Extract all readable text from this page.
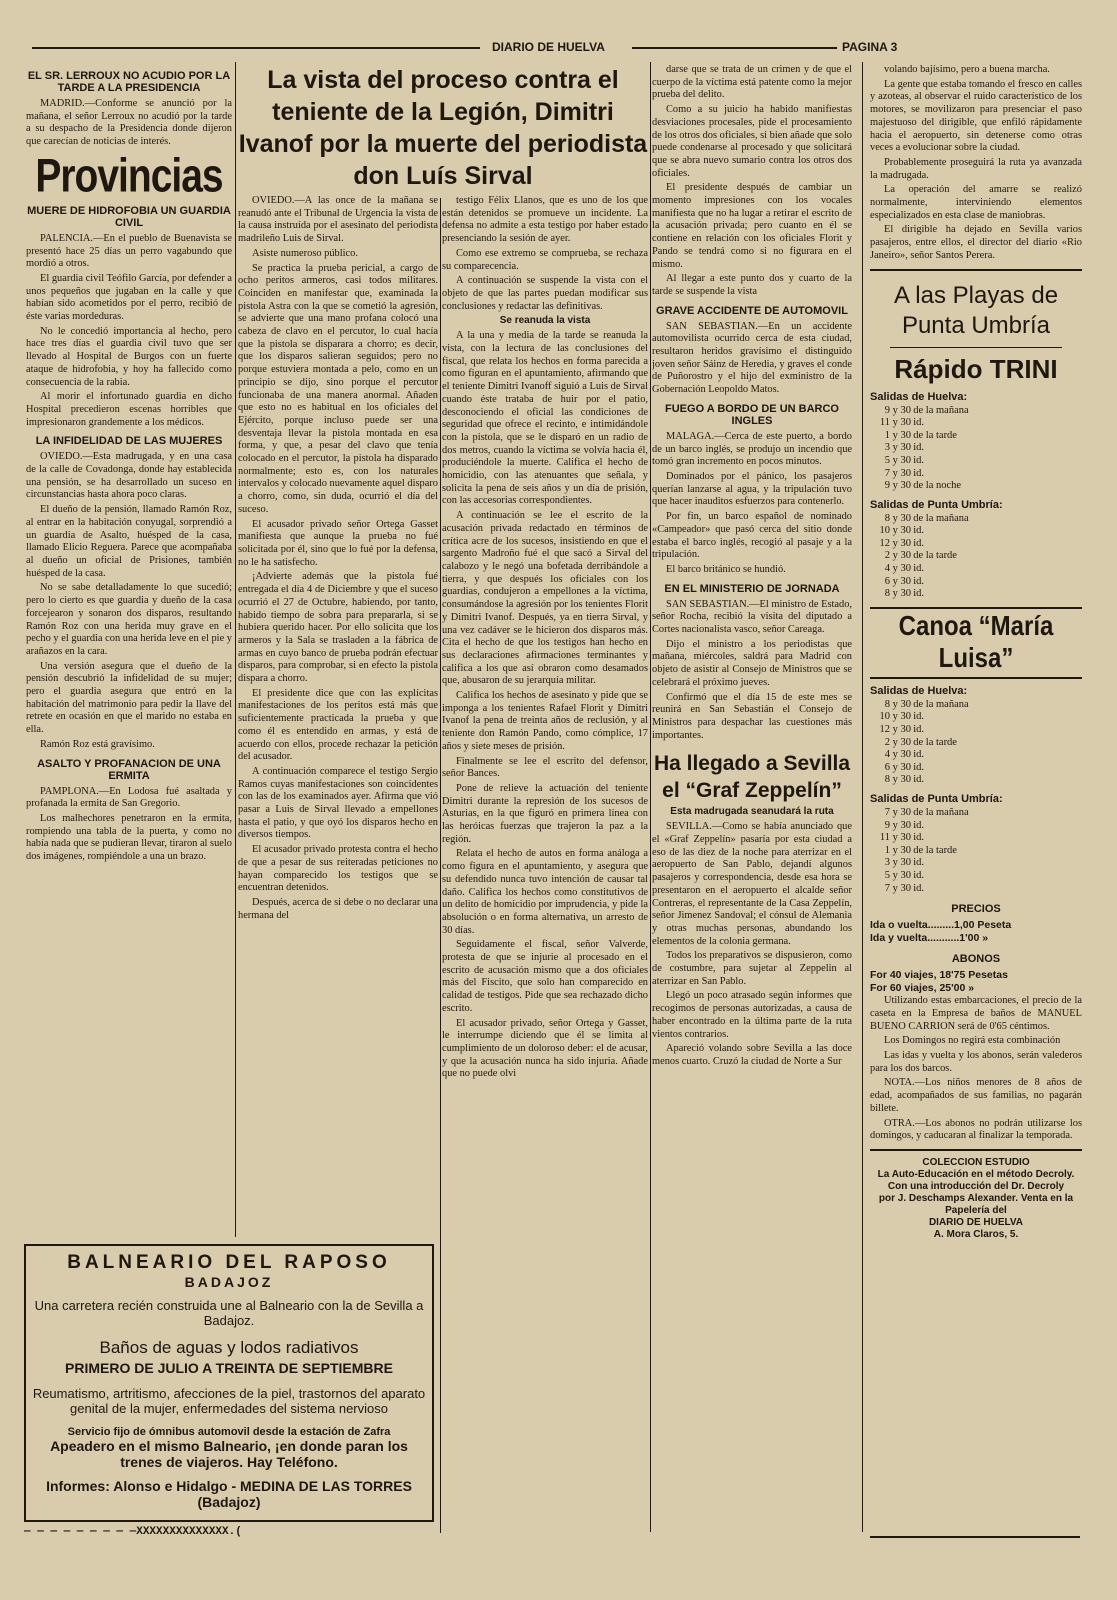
DIARIO DE HUELVA	PAGINA 3
EL SR. LERROUX NO ACUDIO POR LA TARDE A LA PRESIDENCIA

MADRID.—Conforme se anunció por la mañana, el señor Lerroux no acudió por la tarde a su despacho de la Presidencia donde dijeron que carecían de noticias de interés.

Provincias
MUERE DE HIDROFOBIA UN GUARDIA CIVIL

PALENCIA.—En el pueblo de Buenavista se presentó hace 25 días un perro vagabundo que mordió a otros.

El guardia civil Teófilo García, por defender a unos pequeños que jugaban en la calle y que habían sido acometidos por el perro, recibió de éste varias mordeduras.

No le concedió importancia al hecho, pero hace tres días el guardia civil tuvo que ser llevado al Hospital de Burgos con un fuerte ataque de hidrofobia, y hoy ha fallecido como consecuencia de la rabia.

Al morir el infortunado guardia en dicho Hospital precedieron escenas horribles que impresionaron grandemente a los médicos.

LA INFIDELIDAD DE LAS MUJERES

OVIEDO.—Esta madrugada, y en una casa de la calle de Covadonga, donde hay establecida una pensión, se ha desarrollado un suceso en circunstancias hasta ahora poco claras.

El dueño de la pensión, llamado Ramón Roz, al entrar en la habitación conyugal, sorprendió a un guardia de Asalto, huésped de la casa, llamado Elicio Reguera. Parece que acompañaba al dueño un oficial de Prisiones, también huésped de la casa.

No se sabe detalladamente lo que sucedió; pero lo cierto es que guardia y dueño de la casa forcejearon y sonaron dos disparos, resultando Ramón Roz con una herida muy grave en el pecho y el guardia con una herida leve en el pie y arañazos en la cara.

Una versión asegura que el dueño de la pensión descubrió la infidelidad de su mujer; pero el guardia asegura que entró en la habitación del matrimonio para pedir la llave del retrete en ocasión en que el marido no estaba en ella.

Ramón Roz está gravísimo.

ASALTO Y PROFANACION DE UNA ERMITA

PAMPLONA.—En Lodosa fué asaltada y profanada la ermita de San Gregorio.

Los malhechores penetraron en la ermita, rompiendo una tabla de la puerta, y como no había nada que se pudieran llevar, tiraron al suelo dos imágenes, rompiéndole a una un brazo.

La vista del proceso contra el teniente de la Legión, Dimitri Ivanof por la muerte del periodista don Luís Sirval

OVIEDO.—A las once de la mañana se reanudó ante el Tribunal de Urgencia la vista de la causa instruída por el asesinato del periodista madrileño Luis de Sirval.

Asiste numeroso público.

Se practica la prueba pericial, a cargo de ocho peritos armeros, casi todos militares. Coinciden en manifestar que, examinada la pistola Astra con la que se cometió la agresión, se advierte que una mano profana colocó una cabeza de clavo en el percutor, lo cual hacía que la pistola se disparara a chorro; es decir, que los disparos salieran seguidos; pero no porque estuviera montada a pelo, como en un principio se dijo, sino porque el percutor funcionaba de una manera anormal. Añaden que esto no es habitual en los oficiales del Ejército, porque incluso puede ser una desventaja llevar la pistola montada en esa forma, y que, a pesar del clavo que tenía colocado en el percutor, la pistola ha disparado normalmente; esto es, con los naturales intervalos y colocado nuevamente aquel disparo a chorro, como, sin duda, ocurrió el día del suceso.

El acusador privado señor Ortega Gasset manifiesta que aunque la prueba no fué solicitada por él, sino que lo fué por la defensa, no le ha satisfecho.

¡Advierte además que la pistola fué entregada el día 4 de Diciembre y que el suceso ocurrió el 27 de Octubre, habiendo, por tanto, habido tiempo de sobra para prepararla, si se hubiera querido hacer. Por ello solicita que los armeros y la Sala se trasladen a la fábrica de armas en cuyo banco de prueba podrán efectuar disparos, para comprobar, si en efecto la pistola dispara a chorro.

El presidente dice que con las explícitas manifestaciones de los peritos está más que suficientemente practicada la prueba y que como él es entendido en armas, y está de acuerdo con ellos, procede rechazar la petición del acusador.

A continuación comparece el testigo Sergio Ramos cuyas manifestaciones son coincidentes con las de los examinados ayer. Afirma que vió pasar a Luis de Sirval llevado a empellones hasta el patio, y que oyó los disparos hecho en diversos tiempos.

El acusador privado protesta contra el hecho de que a pesar de sus reiteradas peticiones no hayan comparecido los testigos que se encuentran detenidos.

Después, acerca de si debe o no declarar una hermana del

testigo Félix Llanos, que es uno de los que están detenidos se promueve un incidente. La defensa no admite a esta testigo por haber estado presenciando la sesión de ayer.

Como ese extremo se comprueba, se rechaza su comparecencia.

A continuación se suspende la vista con el objeto de que las partes puedan modificar sus conclusiones y redactar las definitivas.

Se reanuda la vista

A la una y media de la tarde se reanuda la vista, con la lectura de las conclusiones del fiscal, que relata los hechos en forma parecida a como figuran en el apuntamiento, afirmando que el teniente Dimitri Ivanoff siguió a Luis de Sirval cuando éste trataba de huir por el patio, desconociendo el oficial las condiciones de seguridad que ofrece el recinto, e intimidándole con la pistola, que se le disparó en un radio de dos metros, cuando la víctima se volvía hacia él, produciéndole la muerte. Califica el hecho de homicidio, con las atenuantes que señala, y solicita la pena de seis años y un día de prisión, con las accesorias correspondientes.

A continuación se lee el escrito de la acusación privada redactado en términos de crítica acre de los sucesos, insistiendo en que el sargento Madroño fué el que sacó a Sirval del calabozo y le negó una bofetada derribándole a tierra, y que después los oficiales con los guardias, condujeron a empellones a la víctima, consumándose la agresión por los tenientes Florit y Dimitri Ivanof. Después, ya en tierra Sirval, y una vez cadáver se le hicieron dos disparos más. Cita el hecho de que los testigos han hecho en sus declaraciones afirmaciones terminantes y califica a los que así obraron como desamados que, abusaron de su jerarquía militar.

Califica los hechos de asesinato y pide que se imponga a los tenientes Rafael Florit y Dimitri Ivanof la pena de treinta años de reclusión, y al teniente don Ramón Pando, como cómplice, 17 años y siete meses de prisión.

Finalmente se lee el escrito del defensor, señor Bances.

Pone de relieve la actuación del teniente Dimitri durante la represión de los sucesos de Asturias, en la que figuró en primera línea con las heróicas fuerzas que trajeron la paz a la región.

Relata el hecho de autos en forma análoga a como figura en el apuntamiento, y asegura que su defendido nunca tuvo intención de causar tal daño. Califica los hechos como constitutivos de un delito de homicidio por imprudencia, y pide la absolución o en forma alternativa, un arresto de 30 días.

Seguidamente el fiscal, señor Valverde, protesta de que se injurie al procesado en el escrito de acusación mismo que a dos oficiales más del Fiscito, que solo han comparecido en calidad de testigos. Pide que sea rechazado dicho escrito.

El acusador privado, señor Ortega y Gasset, le interrumpe diciendo que él se limita al cumplimiento de un doloroso deber: el de acusar, y que la acusación nunca ha sido injuria. Añade que no puede olvi

darse que se trata de un crimen y de que el cuerpo de la víctima está patente como la mejor prueba del delito.

Como a su juicio ha habido manifiestas desviaciones procesales, pide el procesamiento de los otros dos oficiales, si bien añade que solo puede condenarse al procesado y que solicitará que se abra nuevo sumario contra los otros dos oficiales.

El presidente después de cambiar un momento impresiones con los vocales manifiesta que no ha lugar a retirar el escrito de la acusación privada; pero cuanto en él se contiene en relación con los oficiales Florit y Pando se tendrá como si no figurara en el mismo.

Al llegar a este punto dos y cuarto de la tarde se suspende la vista

GRAVE ACCIDENTE DE AUTOMOVIL

SAN SEBASTIAN.—En un accidente automovilista ocurrido cerca de esta ciudad, resultaron heridos gravísimo el distinguido joven señor Sáinz de Heredia, y graves el conde de Puñorostro y el hijo del exministro de la Gobernación Leopoldo Matos.

FUEGO A BORDO DE UN BARCO INGLES

MALAGA.—Cerca de este puerto, a bordo de un barco inglés, se produjo un incendio que tomó gran incremento en pocos minutos.

Dominados por el pánico, los pasajeros querían lanzarse al agua, y la tripulación tuvo que hacer inauditos esfuerzos para contenerlo.

Por fin, un barco español de nominado «Campeador» que pasó cerca del sitio donde estaba el barco inglés, recogió al pasaje y a la tripulación.

El barco británico se hundió.

EN EL MINISTERIO DE JORNADA

SAN SEBASTIAN.—El ministro de Estado, señor Rocha, recibió la visita del diputado a Cortes nacionalista vasco, señor Careaga.

Dijo el ministro a los periodistas que mañana, miércoles, saldrá para Madrid con objeto de asistir al Consejo de Ministros que se celebrará el próximo jueves.

Confirmó que el día 15 de este mes se reunirá en San Sebastián el Consejo de Ministros para despachar las cuestiones más importantes.

Ha llegado a Sevilla el “Graf Zeppelín”
Esta madrugada seanudará la ruta

SEVILLA.—Como se había anunciado que el «Graf Zeppelín» pasaría por esta ciudad a eso de las diez de la noche para aterrizar en el aeropuerto de San Pablo, dejandí algunos pasajeros y correspondencia, desde esa hora se presentaron en el aeropuerto el alcalde señor Contreras, el representante de la Casa Zeppelín, señor Jimenez Sandoval; el cónsul de Alemania y otras muchas personas, abundando los elementos de la colonia germana.

Todos los preparativos se dispusieron, como de costumbre, para sujetar al Zeppelin al aterrizar en San Pablo.

Llegó un poco atrasado según informes que recogimos de personas autorizadas, a causa de haber encontrado en la última parte de la ruta vientos contrarios.

Apareció volando sobre Sevilla a las doce menos cuarto. Cruzó la ciudad de Norte a Sur

volando bajísimo, pero a buena marcha.

La gente que estaba tomando el fresco en calles y azoteas, al observar el ruido característico de los motores, se movilizaron para presenciar el paso majestuoso del dirigible, que enfiló rápidamente hacia el aeropuerto, sin detenerse como otras veces a evolucionar sobre la ciudad.

Probablemente proseguirá la ruta ya avanzada la madrugada.

La operación del amarre se realizó normalmente, interviniendo elementos especializados en esta clase de maniobras.

El dirigible ha dejado en Sevilla varios pasajeros, entre ellos, el director del diario «Rio Janeiro», señor Santos Perera.

A las Playas de Punta Umbría
Rápido TRINI
Salidas de Huelva:
9 y 30 de la mañana
11 y 30 id.
1 y 30 de la tarde
3 y 30 id.
5 y 30 id.
7 y 30 id.
9 y 30 de la noche
Salidas de Punta Umbría:
8 y 30 de la mañana
10 y 30 id.
12 y 30 id.
2 y 30 de la tarde
4 y 30 id.
6 y 30 id.
8 y 30 id.
Canoa “María Luisa”
Salidas de Huelva:
8 y 30 de la mañana
10 y 30 id.
12 y 30 id.
2 y 30 de la tarde
4 y 30 id.
6 y 30 id.
8 y 30 id.
Salidas de Punta Umbría:
7 y 30 de la mañana
9 y 30 id.
11 y 30 id.
1 y 30 de la tarde
3 y 30 id.
5 y 30 id.
7 y 30 id.
PRECIOS
Ida o vuelta.........1,00 Peseta
Ida y vuelta...........1'00 »
ABONOS
For 40 viajes, 18'75 Pesetas
For 60 viajes, 25'00 »

Utilizando estas embarcaciones, el precio de la caseta en la Empresa de baños de MANUEL BUENO CARRION será de 0'65 céntimos.

Los Domingos no regirá esta combinación

Las idas y vuelta y los abonos, serán valederos para los dos barcos.

NOTA.—Los niños menores de 8 años de edad, acompañados de sus familias, no pagarán billete.

OTRA.—Los abonos no podrán utilizarse los domingos, y caducaran al finalizar la temporada.

COLECCION ESTUDIO
La Auto-Educación en el método Decroly. Con una introducción del Dr. Decroly
por J. Deschamps Alexander. Venta en la Papelería del
DIARIO DE HUELVA
A. Mora Claros, 5.
BALNEARIO DEL RAPOSO
BADAJOZ
Una carretera recién construida une al Balneario con la de Sevilla a Badajoz.
Baños de aguas y lodos radiativos
PRIMERO DE JULIO A TREINTA DE SEPTIEMBRE
Reumatismo, artritismo, afecciones de la piel, trastornos del aparato genital de la mujer, enfermedades del sistema nervioso
Servicio fijo de ómnibus automovil desde la estación de Zafra
Apeadero en el mismo Balneario, ¡en donde paran los trenes de viajeros. Hay Teléfono.
Informes: Alonso e Hidalgo - MEDINA DE LAS TORRES (Badajoz)
— — — — — — — — —XXXXXXXXXXXXXX.(
